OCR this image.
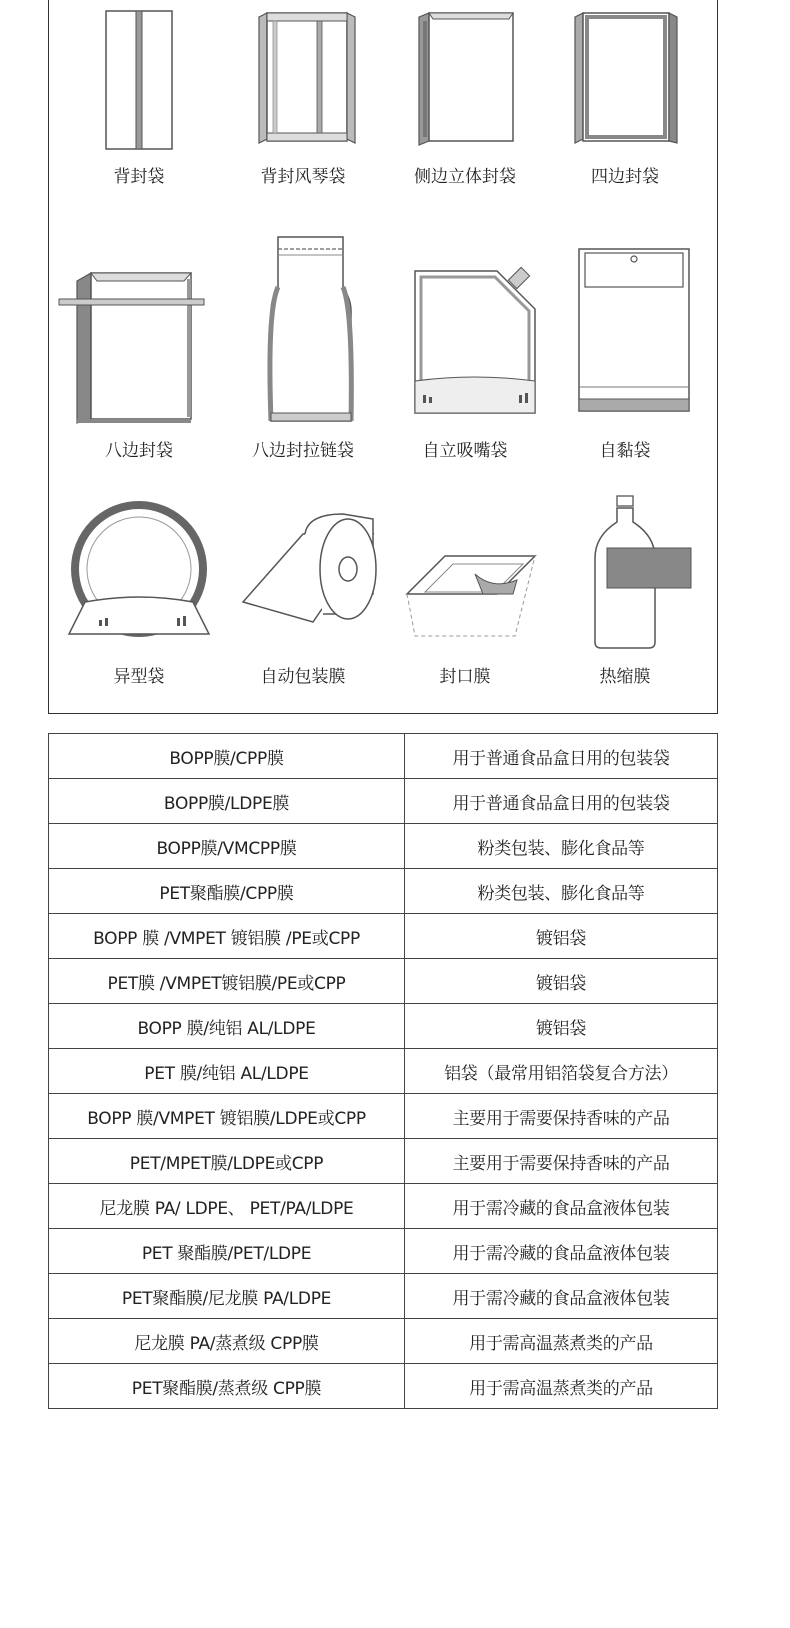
背封袋	背封风琴袋	侧边立体封袋	四边封袋
八边封袋	八边封拉链袋	自立吸嘴袋	自黏袋
异型袋	自动包装膜	封口膜	热缩膜
BOPP膜/CPP膜	用于普通食品盒日用的包装袋
BOPP膜/LDPE膜	用于普通食品盒日用的包装袋
BOPP膜/VMCPP膜	粉类包装、膨化食品等
PET聚酯膜/CPP膜	粉类包装、膨化食品等
BOPP 膜 /VMPET 镀铝膜 /PE或CPP	镀铝袋
PET膜 /VMPET镀铝膜/PE或CPP	镀铝袋
BOPP 膜/纯铝 AL/LDPE	镀铝袋
PET 膜/纯铝 AL/LDPE	铝袋（最常用铝箔袋复合方法）
BOPP 膜/VMPET 镀铝膜/LDPE或CPP	主要用于需要保持香味的产品
PET/MPET膜/LDPE或CPP	主要用于需要保持香味的产品
尼龙膜 PA/ LDPE、 PET/PA/LDPE	用于需冷藏的食品盒液体包装
PET 聚酯膜/PET/LDPE	用于需冷藏的食品盒液体包装
PET聚酯膜/尼龙膜 PA/LDPE	用于需冷藏的食品盒液体包装
尼龙膜 PA/蒸煮级 CPP膜	用于需高温蒸煮类的产品
PET聚酯膜/蒸煮级 CPP膜	用于需高温蒸煮类的产品
